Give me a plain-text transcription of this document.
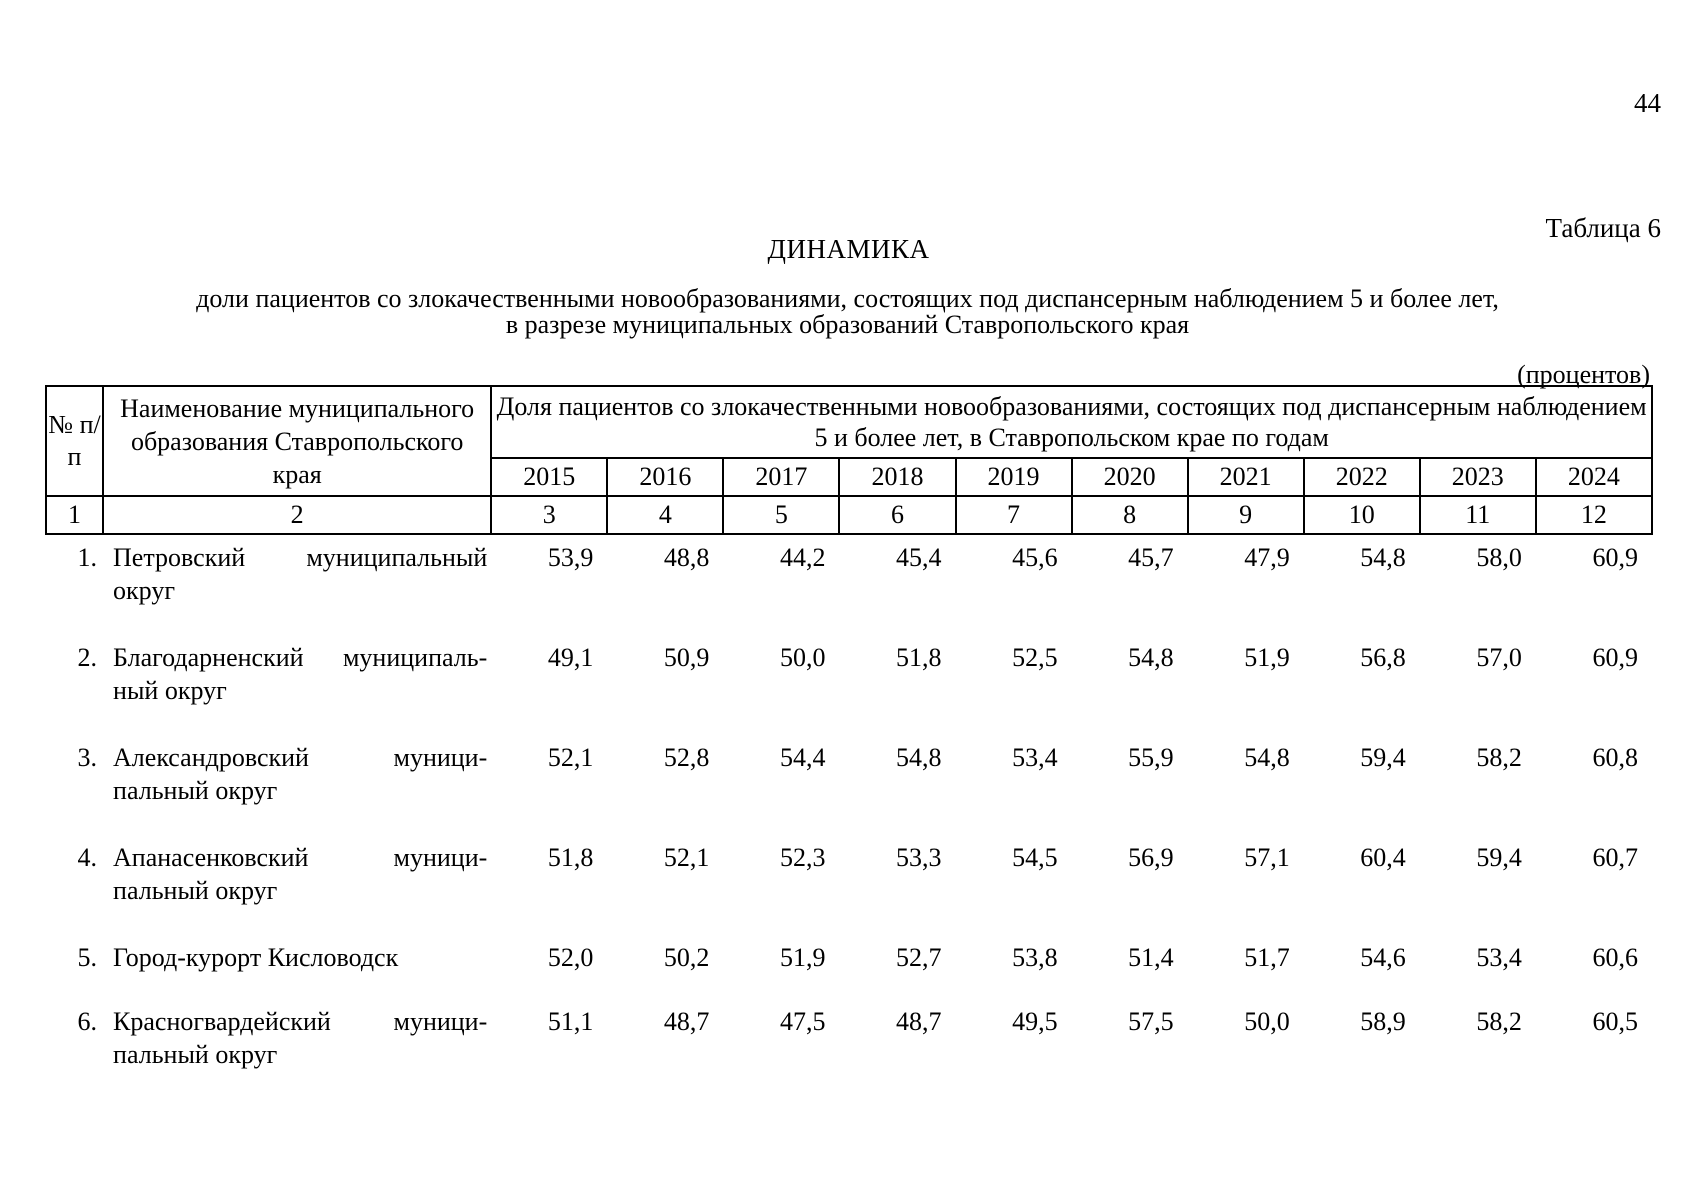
44
Таблица 6
ДИНАМИКА
доли пациентов со злокачественными новообразованиями, состоящих под диспансерным наблюдением 5 и более лет,
в разрезе муниципальных образований Ставропольского края
(процентов)
№ п/п	Наименование муниципального образования Ставропольского края	Доля пациентов со злокачественными новообразованиями, состоящих под диспансерным наблюдением 5 и более лет, в Ставропольском крае по годам									
		2015	2016	2017	2018	2019	2020	2021	2022	2023	2024
1	2	3	4	5	6	7	8	9	10	11	12
1.	Петровский муниципальный округ	53,9	48,8	44,2	45,4	45,6	45,7	47,9	54,8	58,0	60,9
2.	Благодарненский муниципаль-ный округ	49,1	50,9	50,0	51,8	52,5	54,8	51,9	56,8	57,0	60,9
3.	Александровский муници-пальный округ	52,1	52,8	54,4	54,8	53,4	55,9	54,8	59,4	58,2	60,8
4.	Апанасенковский муници-пальный округ	51,8	52,1	52,3	53,3	54,5	56,9	57,1	60,4	59,4	60,7
5.	Город-курорт Кисловодск	52,0	50,2	51,9	52,7	53,8	51,4	51,7	54,6	53,4	60,6
6.	Красногвардейский муници-пальный округ	51,1	48,7	47,5	48,7	49,5	57,5	50,0	58,9	58,2	60,5
